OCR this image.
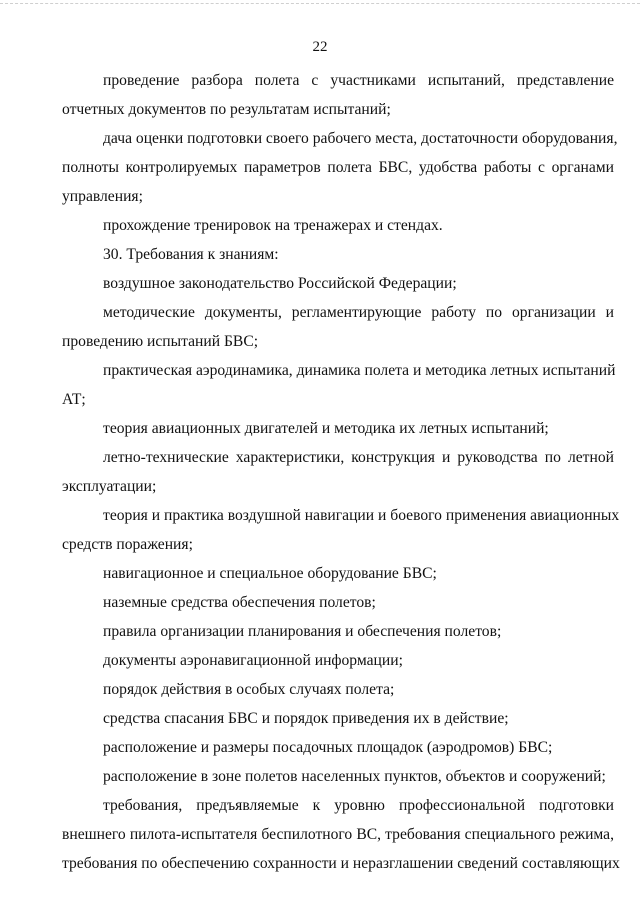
22
проведение разбора полета с участниками испытаний, представление
отчетных документов по результатам испытаний;
дача оценки подготовки своего рабочего места, достаточности оборудования,
полноты контролируемых параметров полета БВС, удобства работы с органами
управления;
прохождение тренировок на тренажерах и стендах.
30. Требования к знаниям:
воздушное законодательство Российской Федерации;
методические документы, регламентирующие работу по организации и
проведению испытаний БВС;
практическая аэродинамика, динамика полета и методика летных испытаний
АТ;
теория авиационных двигателей и методика их летных испытаний;
летно-технические характеристики, конструкция и руководства по летной
эксплуатации;
теория и практика воздушной навигации и боевого применения авиационных
средств поражения;
навигационное и специальное оборудование БВС;
наземные средства обеспечения полетов;
правила организации планирования и обеспечения полетов;
документы аэронавигационной информации;
порядок действия в особых случаях полета;
средства спасания БВС и порядок приведения их в действие;
расположение и размеры посадочных площадок (аэродромов) БВС;
расположение в зоне полетов населенных пунктов, объектов и сооружений;
требования, предъявляемые к уровню профессиональной подготовки
внешнего пилота-испытателя беспилотного ВС, требования специального режима,
требования по обеспечению сохранности и неразглашении сведений составляющих
